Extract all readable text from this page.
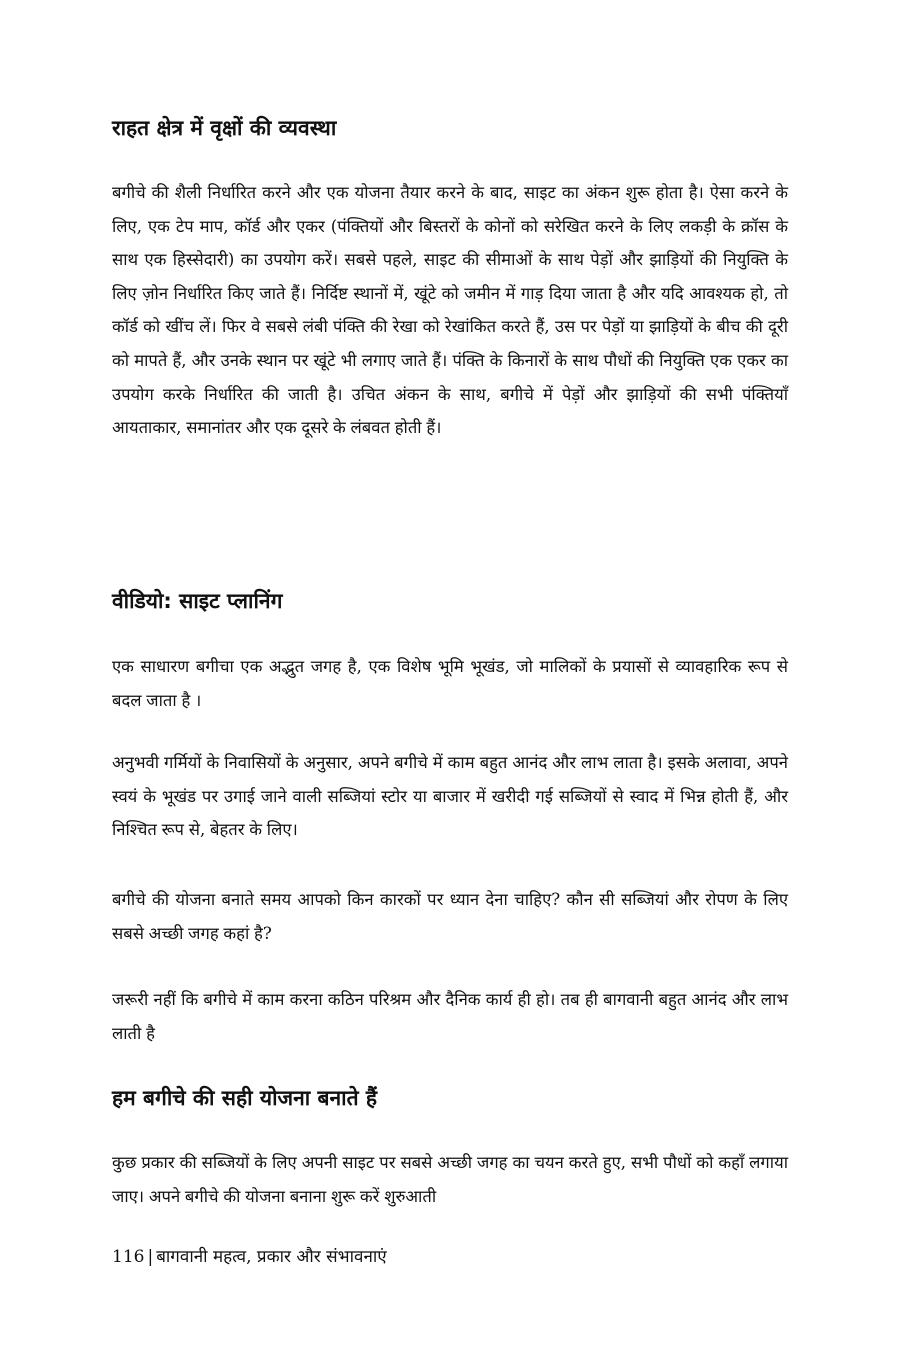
राहत क्षेत्र में वृक्षों की व्यवस्था

बगीचे की शैली निर्धारित करने और एक योजना तैयार करने के बाद, साइट का अंकन शुरू होता है। ऐसा करने के लिए, एक टेप माप, कॉर्ड और एकर (पंक्तियों और बिस्तरों के कोनों को सरेखित करने के लिए लकड़ी के क्रॉस के साथ एक हिस्सेदारी) का उपयोग करें। सबसे पहले, साइट की सीमाओं के साथ पेड़ों और झाड़ियों की नियुक्ति के लिए ज़ोन निर्धारित किए जाते हैं। निर्दिष्ट स्थानों में, खूंटे को जमीन में गाड़ दिया जाता है और यदि आवश्यक हो, तो कॉर्ड को खींच लें। फिर वे सबसे लंबी पंक्ति की रेखा को रेखांकित करते हैं, उस पर पेड़ों या झाड़ियों के बीच की दूरी को मापते हैं, और उनके स्थान पर खूंटे भी लगाए जाते हैं। पंक्ति के किनारों के साथ पौधों की नियुक्ति एक एकर का उपयोग करके निर्धारित की जाती है। उचित अंकन के साथ, बगीचे में पेड़ों और झाड़ियों की सभी पंक्तियाँ आयताकार, समानांतर और एक दूसरे के लंबवत होती हैं।

वीडियो: साइट प्लानिंग

एक साधारण बगीचा एक अद्भुत जगह है, एक विशेष भूमि भूखंड, जो मालिकों के प्रयासों से व्यावहारिक रूप से बदल जाता है ।

अनुभवी गर्मियों के निवासियों के अनुसार, अपने बगीचे में काम बहुत आनंद और लाभ लाता है। इसके अलावा, अपने स्वयं के भूखंड पर उगाई जाने वाली सब्जियां स्टोर या बाजार में खरीदी गई सब्जियों से स्वाद में भिन्न होती हैं, और निश्चित रूप से, बेहतर के लिए।

बगीचे की योजना बनाते समय आपको किन कारकों पर ध्यान देना चाहिए? कौन सी सब्जियां और रोपण के लिए सबसे अच्छी जगह कहां है?

जरूरी नहीं कि बगीचे में काम करना कठिन परिश्रम और दैनिक कार्य ही हो। तब ही बागवानी बहुत आनंद और लाभ लाती है

हम बगीचे की सही योजना बनाते हैं

कुछ प्रकार की सब्जियों के लिए अपनी साइट पर सबसे अच्छी जगह का चयन करते हुए, सभी पौधों को कहाँ लगाया जाए। अपने बगीचे की योजना बनाना शुरू करें शुरुआती

116 | बागवानी महत्व, प्रकार और संभावनाएं
